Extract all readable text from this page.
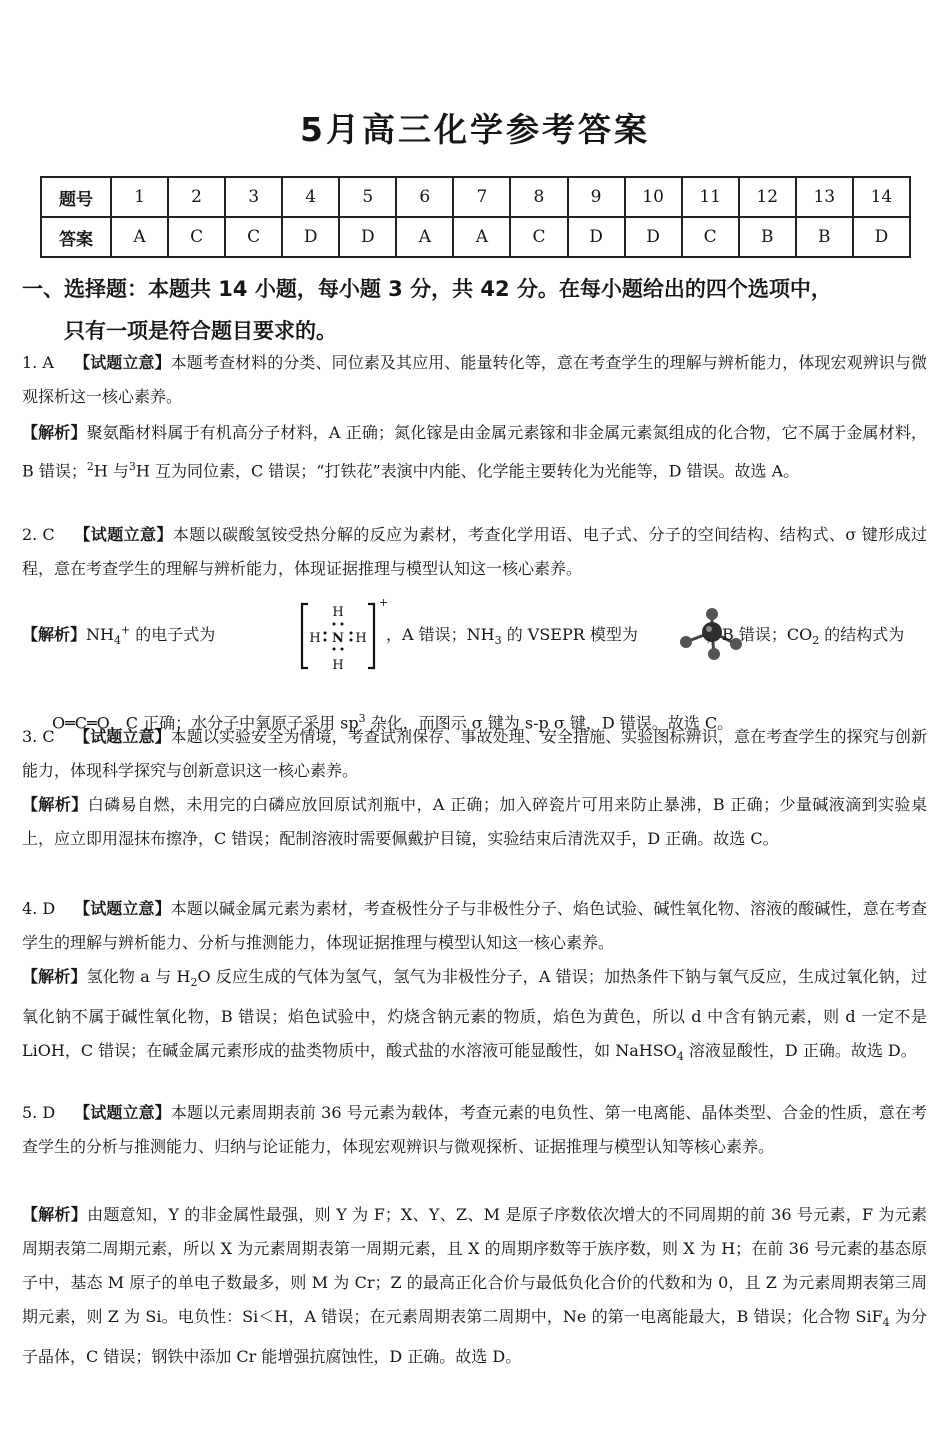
5月高三化学参考答案
题号	1	2	3	4	5	6	7	8	9	10	11	12	13	14
答案	A	C	C	D	D	A	A	C	D	D	C	B	B	D

一、选择题：本题共 14 小题，每小题 3 分，共 42 分。在每小题给出的四个选项中，
只有一项是符合题目要求的。

1. A 【试题立意】本题考查材料的分类、同位素及其应用、能量转化等，意在考查学生的理解与辨析能力，体现宏观辨识与微观探析这一核心素养。

【解析】聚氨酯材料属于有机高分子材料，A 正确；氮化镓是由金属元素镓和非金属元素氮组成的化合物，它不属于金属材料，B 错误；$^2$H 与$^3$H 互为同位素，C 错误；“打铁花”表演中内能、化学能主要转化为光能等，D 错误。故选 A。

2. C 【试题立意】本题以碳酸氢铵受热分解的反应为素材，考查化学用语、电子式、分子的空间结构、结构式、σ 键形成过程，意在考查学生的理解与辨析能力，体现证据推理与模型认知这一核心素养。

【解析】$NH_4^+$ 的电子式为
+
H
H
H	H
N	，A 错误；$NH_3$ 的 VSEPR 模型为	，B 错误；$CO_2$ 的结构式为

O═C═O，C 正确；水分子中氧原子采用 $sp^3$ 杂化，而图示 σ 键为 s-p σ 键，D 错误。故选 C。

3. C 【试题立意】本题以实验安全为情境，考查试剂保存、事故处理、安全措施、实验图标辨识，意在考查学生的探究与创新能力，体现科学探究与创新意识这一核心素养。

【解析】白磷易自燃，未用完的白磷应放回原试剂瓶中，A 正确；加入碎瓷片可用来防止暴沸，B 正确；少量碱液滴到实验桌上，应立即用湿抹布擦净，C 错误；配制溶液时需要佩戴护目镜，实验结束后清洗双手，D 正确。故选 C。

4. D 【试题立意】本题以碱金属元素为素材，考查极性分子与非极性分子、焰色试验、碱性氧化物、溶液的酸碱性，意在考查学生的理解与辨析能力、分析与推测能力，体现证据推理与模型认知这一核心素养。

【解析】氢化物 a 与 $H_2O$ 反应生成的气体为氢气，氢气为非极性分子，A 错误；加热条件下钠与氧气反应，生成过氧化钠，过氧化钠不属于碱性氧化物，B 错误；焰色试验中，灼烧含钠元素的物质，焰色为黄色，所以 d 中含有钠元素，则 d 一定不是 LiOH，C 错误；在碱金属元素形成的盐类物质中，酸式盐的水溶液可能显酸性，如 NaHSO$_4$ 溶液显酸性，D 正确。故选 D。

5. D 【试题立意】本题以元素周期表前 36 号元素为载体，考查元素的电负性、第一电离能、晶体类型、合金的性质，意在考查学生的分析与推测能力、归纳与论证能力，体现宏观辨识与微观探析、证据推理与模型认知等核心素养。

【解析】由题意知，Y 的非金属性最强，则 Y 为 F；X、Y、Z、M 是原子序数依次增大的不同周期的前 36 号元素，F 为元素周期表第二周期元素，所以 X 为元素周期表第一周期元素，且 X 的周期序数等于族序数，则 X 为 H；在前 36 号元素的基态原子中，基态 M 原子的单电子数最多，则 M 为 Cr；Z 的最高正化合价与最低负化合价的代数和为 0，且 Z 为元素周期表第三周期元素，则 Z 为 Si。电负性：Si＜H，A 错误；在元素周期表第二周期中，Ne 的第一电离能最大，B 错误；化合物 SiF$_4$ 为分子晶体，C 错误；钢铁中添加 Cr 能增强抗腐蚀性，D 正确。故选 D。
